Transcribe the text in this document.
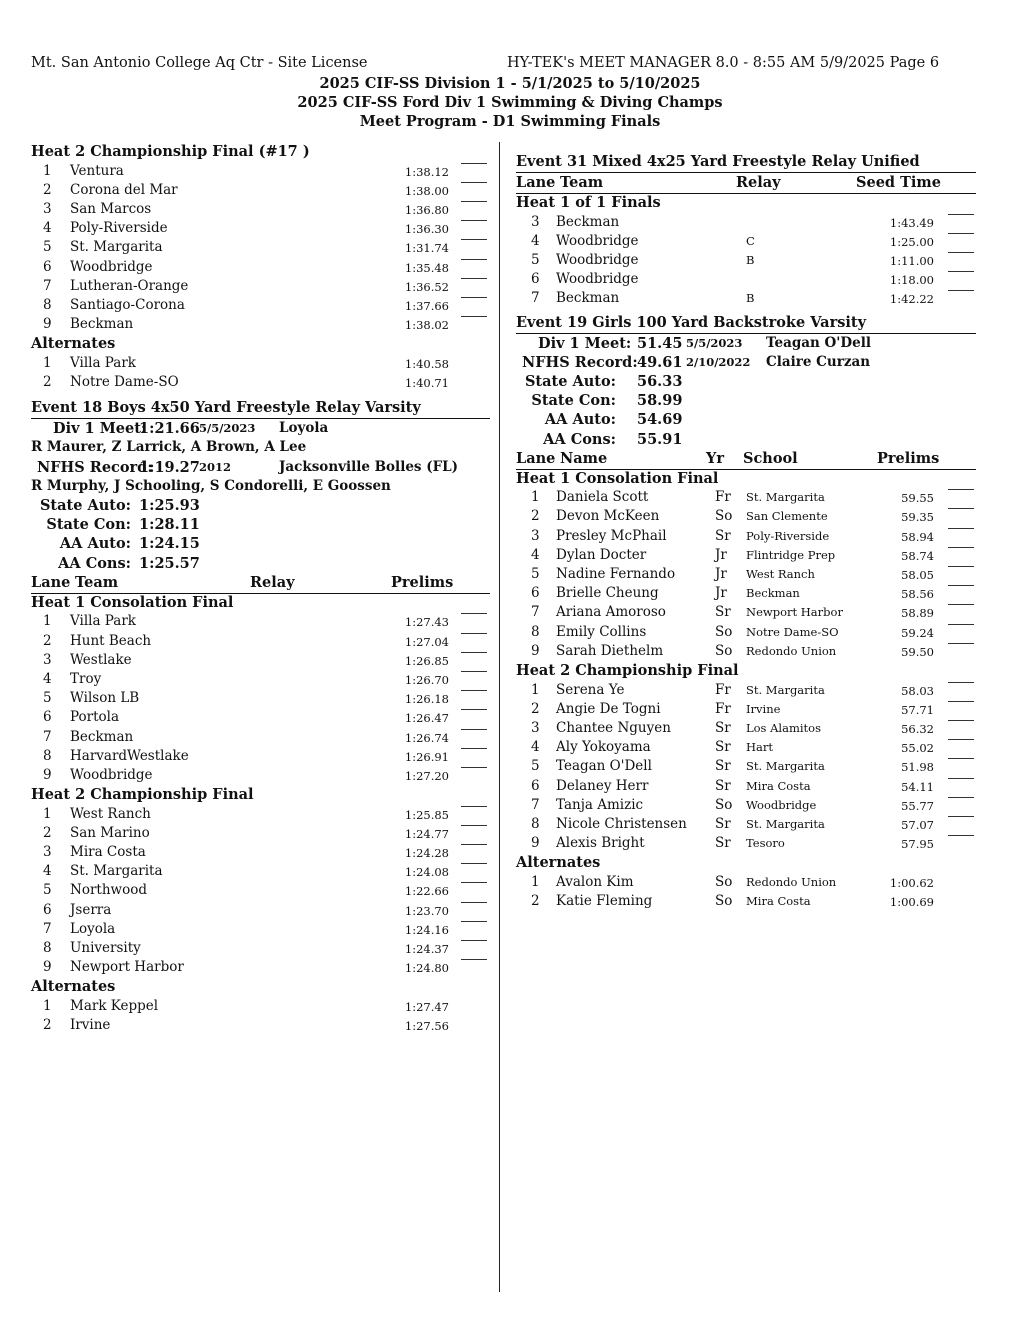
Mt. San Antonio College Aq Ctr - Site License	HY-TEK's MEET MANAGER 8.0 - 8:55 AM 5/9/2025 Page 6
2025 CIF-SS Division 1 - 5/1/2025 to 5/10/2025
2025 CIF-SS Ford Div 1 Swimming & Diving Champs
Meet Program - D1 Swimming Finals
Heat 2 Championship Final (#17 )
1 Ventura	1:38.12
2 Corona del Mar	1:38.00
3 San Marcos	1:36.80
4 Poly-Riverside	1:36.30
5 St. Margarita	1:31.74
6 Woodbridge	1:35.48
7 Lutheran-Orange	1:36.52
8 Santiago-Corona	1:37.66
9 Beckman	1:38.02
Alternates
1 Villa Park	1:40.58
2 Notre Dame-SO	1:40.71
Event 18 Boys 4x50 Yard Freestyle Relay Varsity
Div 1 Meet:
1:21.66 5/5/2023 Loyola
R Maurer, Z Larrick, A Brown, A Lee
NFHS Record:
1:19.27 2012	Jacksonville Bolles (FL)
R Murphy, J Schooling, S Condorelli, E Goossen
State Auto: 1:25.93
State Con: 1:28.11
AA Auto: 1:24.15
AA Cons: 1:25.57
Lane Team	Relay	Prelims
Heat 1 Consolation Final
1 Villa Park	1:27.43
2 Hunt Beach	1:27.04
3 Westlake	1:26.85
4 Troy	1:26.70
5 Wilson LB	1:26.18
6 Portola	1:26.47
7 Beckman	1:26.74
8 HarvardWestlake	1:26.91
9 Woodbridge	1:27.20
Heat 2 Championship Final
1 West Ranch	1:25.85
2 San Marino	1:24.77
3 Mira Costa	1:24.28
4 St. Margarita	1:24.08
5 Northwood	1:22.66
6 Jserra	1:23.70
7 Loyola	1:24.16
8 University	1:24.37
9 Newport Harbor	1:24.80
Alternates
1 Mark Keppel	1:27.47
2 Irvine	1:27.56
Event 31 Mixed 4x25 Yard Freestyle Relay Unified
Lane Team	Relay	Seed Time
Heat 1 of 1 Finals
3 Beckman	1:43.49
4 Woodbridge	C	1:25.00
5 Woodbridge	B	1:11.00
6 Woodbridge	1:18.00
7 Beckman	B	1:42.22
Event 19 Girls 100 Yard Backstroke Varsity
Div 1 Meet: 51.45 5/5/2023 Teagan O'Dell
NFHS Record: 49.61 2/10/2022 Claire Curzan
State Auto: 56.33
State Con: 58.99
AA Auto: 54.69
AA Cons: 55.91
Lane Name	Yr School	Prelims
Heat 1 Consolation Final
1 Daniela Scott	Fr St. Margarita	59.55
2 Devon McKeen	So San Clemente	59.35
3 Presley McPhail	Sr Poly-Riverside	58.94
4 Dylan Docter	Jr Flintridge Prep	58.74
5 Nadine Fernando	Jr West Ranch	58.05
6 Brielle Cheung	Jr Beckman	58.56
7 Ariana Amoroso	Sr Newport Harbor	58.89
8 Emily Collins	So Notre Dame-SO	59.24
9 Sarah Diethelm	So Redondo Union	59.50
Heat 2 Championship Final
1 Serena Ye	Fr St. Margarita	58.03
2 Angie De Togni	Fr Irvine	57.71
3 Chantee Nguyen	Sr Los Alamitos	56.32
4 Aly Yokoyama	Sr Hart	55.02
5 Teagan O'Dell	Sr St. Margarita	51.98
6 Delaney Herr	Sr Mira Costa	54.11
7 Tanja Amizic	So Woodbridge	55.77
8 Nicole Christensen Sr St. Margarita	57.07
9 Alexis Bright	Sr Tesoro	57.95
Alternates
1 Avalon Kim	So Redondo Union	1:00.62
2 Katie Fleming	So Mira Costa	1:00.69
